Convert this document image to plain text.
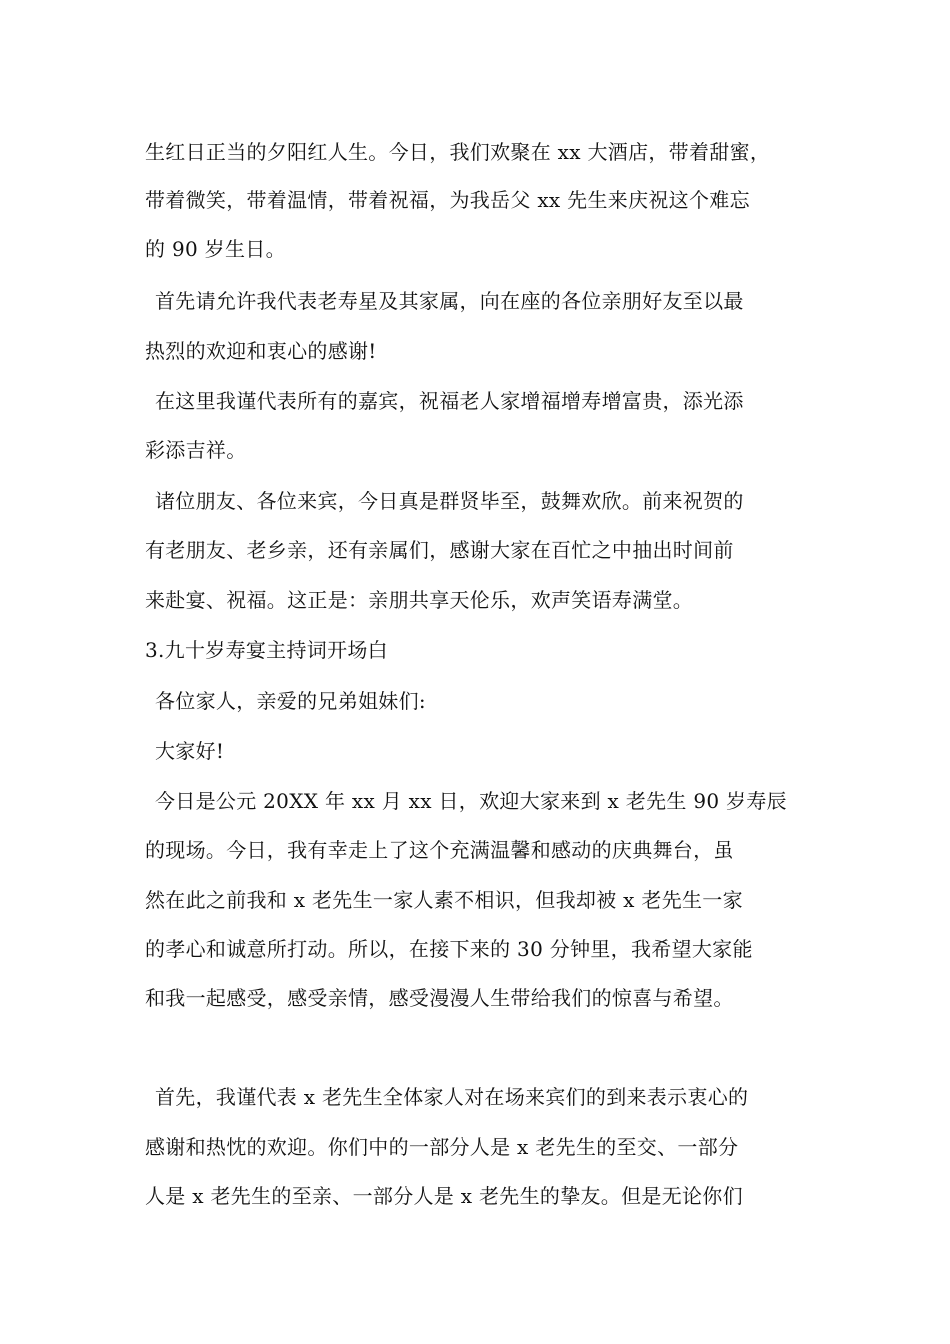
生红日正当的夕阳红人生。今日，我们欢聚在 xx 大酒店，带着甜蜜，
带着微笑，带着温情，带着祝福，为我岳父 xx 先生来庆祝这个难忘
的 90 岁生日。
首先请允许我代表老寿星及其家属，向在座的各位亲朋好友至以最
热烈的欢迎和衷心的感谢!
在这里我谨代表所有的嘉宾，祝福老人家增福增寿增富贵，添光添
彩添吉祥。
诸位朋友、各位来宾，今日真是群贤毕至，鼓舞欢欣。前来祝贺的
有老朋友、老乡亲，还有亲属们，感谢大家在百忙之中抽出时间前
来赴宴、祝福。这正是：亲朋共享天伦乐，欢声笑语寿满堂。
3.九十岁寿宴主持词开场白
各位家人，亲爱的兄弟姐妹们:
大家好!
今日是公元 20XX 年 xx 月 xx 日，欢迎大家来到 x 老先生 90 岁寿辰
的现场。今日，我有幸走上了这个充满温馨和感动的庆典舞台，虽
然在此之前我和 x 老先生一家人素不相识，但我却被 x 老先生一家
的孝心和诚意所打动。所以，在接下来的 30 分钟里，我希望大家能
和我一起感受，感受亲情，感受漫漫人生带给我们的惊喜与希望。
首先，我谨代表 x 老先生全体家人对在场来宾们的到来表示衷心的
感谢和热忱的欢迎。你们中的一部分人是 x 老先生的至交、一部分
人是 x 老先生的至亲、一部分人是 x 老先生的挚友。但是无论你们
